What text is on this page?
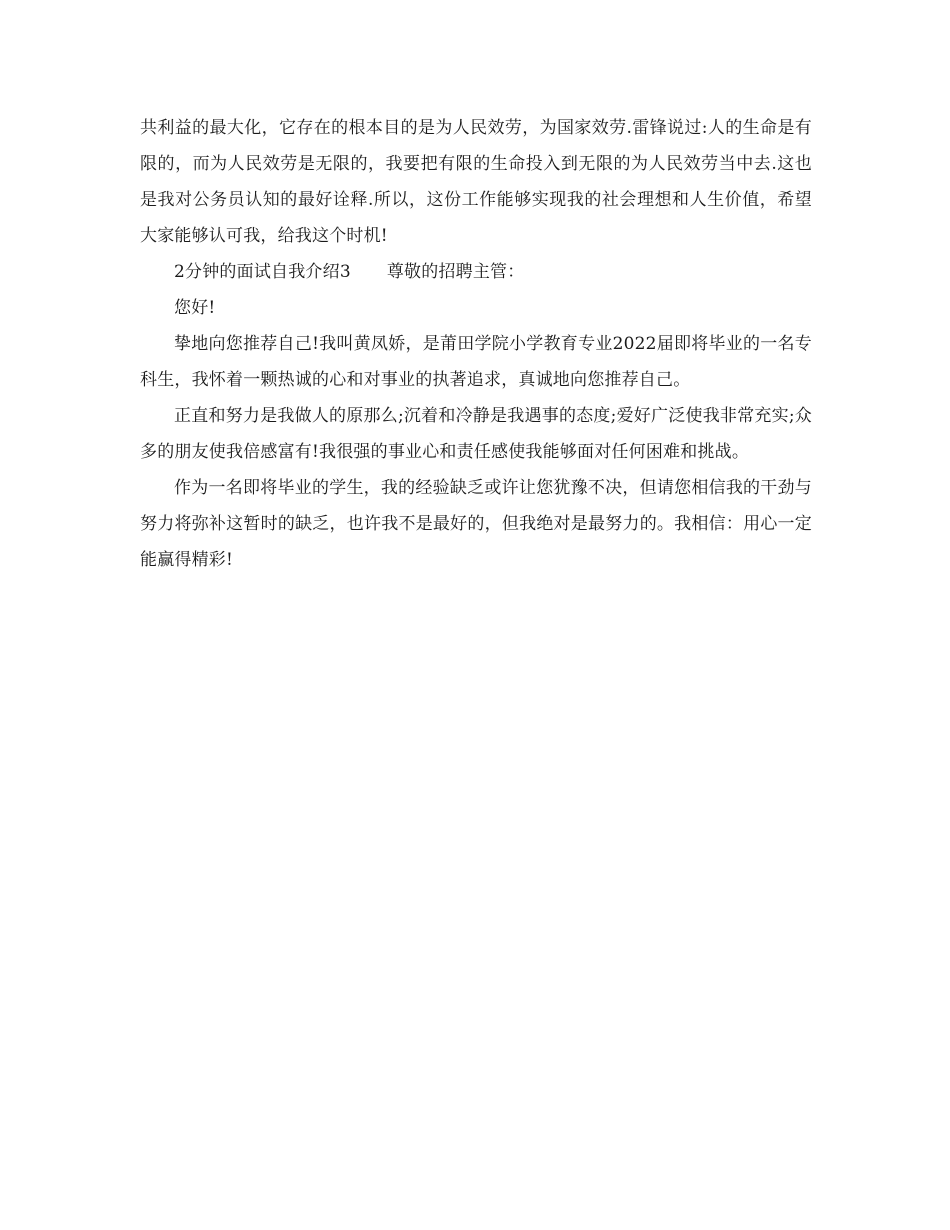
共利益的最大化，它存在的根本目的是为人民效劳，为国家效劳.雷锋说过:人的生命是有限的，而为人民效劳是无限的，我要把有限的生命投入到无限的为人民效劳当中去.这也是我对公务员认知的最好诠释.所以，这份工作能够实现我的社会理想和人生价值，希望大家能够认可我，给我这个时机!

2分钟的面试自我介绍3 尊敬的招聘主管：

您好!

挚地向您推荐自己!我叫黄凤娇，是莆田学院小学教育专业2022届即将毕业的一名专科生，我怀着一颗热诚的心和对事业的执著追求，真诚地向您推荐自己。

正直和努力是我做人的原那么;沉着和冷静是我遇事的态度;爱好广泛使我非常充实;众多的朋友使我倍感富有!我很强的事业心和责任感使我能够面对任何困难和挑战。

作为一名即将毕业的学生，我的经验缺乏或许让您犹豫不决，但请您相信我的干劲与努力将弥补这暂时的缺乏，也许我不是最好的，但我绝对是最努力的。我相信：用心一定能赢得精彩!
